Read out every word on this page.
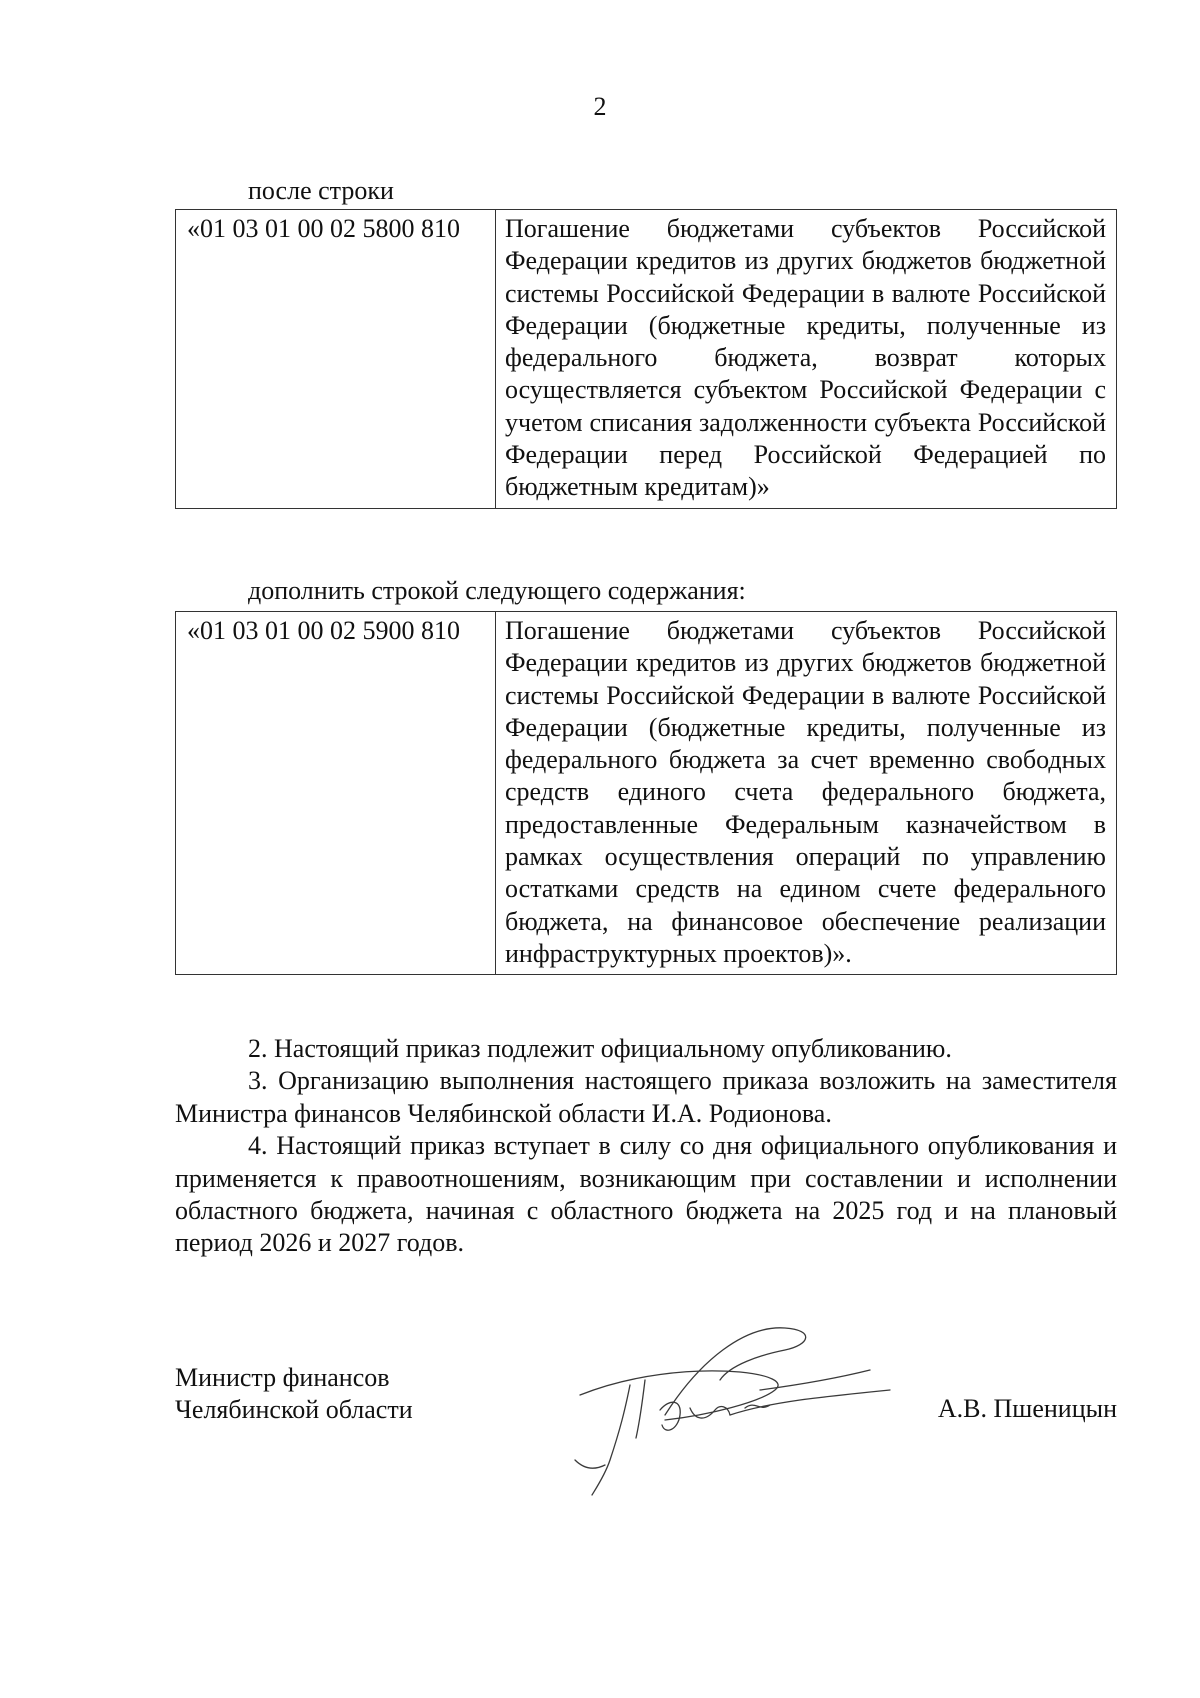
2
после строки
«01 03 01 00 02 5800 810	Погашение бюджетами субъектов Российской Федерации кредитов из других бюджетов бюджетной системы Российской Федерации в валюте Российской Федерации (бюджетные кредиты, полученные из федерального бюджета, возврат которых осуществляется субъектом Российской Федерации с учетом списания задолженности субъекта Российской Федерации перед Российской Федерацией по бюджетным кредитам)»
дополнить строкой следующего содержания:
«01 03 01 00 02 5900 810	Погашение бюджетами субъектов Российской Федерации кредитов из других бюджетов бюджетной системы Российской Федерации в валюте Российской Федерации (бюджетные кредиты, полученные из федерального бюджета за счет временно свободных средств единого счета федерального бюджета, предоставленные Федеральным казначейством в рамках осуществления операций по управлению остатками средств на едином счете федерального бюджета, на финансовое обеспечение реализации инфраструктурных проектов)».

2. Настоящий приказ подлежит официальному опубликованию.

3. Организацию выполнения настоящего приказа возложить на заместителя Министра финансов Челябинской области И.А. Родионова.

4. Настоящий приказ вступает в силу со дня официального опубликования и применяется к правоотношениям, возникающим при составлении и исполнении областного бюджета, начиная с областного бюджета на 2025 год и на плановый период 2026 и 2027 годов.

Министр финансов
Челябинской области	А.В. Пшеницын
